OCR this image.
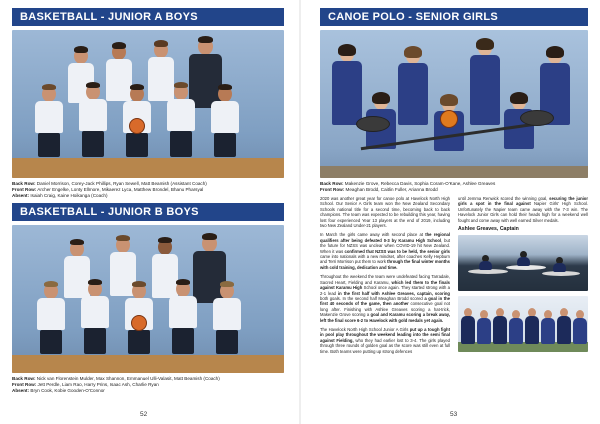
BASKETBALL - JUNIOR A BOYS
Back Row: Daniel Morrison, Corey-Jack Phillips, Ryan Sewell, Matt Beamish (Assistant Coach)
Front Row: Archer Engelke, Lonty Ellmore, Mikaerez Lyca, Matthew Brondel, Bhanu Pharsyal
Absent: Isaiah Craig, Kaine Hoikanga (Coach)
BASKETBALL - JUNIOR B BOYS
Back Row: Nick van Florenstein Mulder, Max Shannon, Emmanuel Ulli-Valasit, Matt Beamish (Coach)
Front Row: Jett Perdle, Liam Rao, Harry Prins, Isaac Ash, Charlie Ryan
Absent: Bryn Cook, Kobie Gooden-O'Connor
52
CANOE POLO - SENIOR GIRLS
Back Row: Makenzie Grove, Rebecca Davis, Sophia Coram-O'Kane, Ashlee Greaves
Front Row: Meaghan Brodd, Caitlin Fuller, Arianna Brodd

2020 was another great year for canoe polo at Havelock North High School. Our Senior A Girls team won the New Zealand Secondary Schools national title for a second time, becoming back to back champions. The team was expected to be rebuilding this year, having lost four experienced Year 13 players at the end of 2019, including two New Zealand Under-21 players.

In March the girls came away with second place at the regional qualifiers after being defeated 0-3 by Karamu High School, but the future for NZSS was unclear when COVID-19 hit New Zealand. When it was confirmed that NZSS was to be held, the senior girls came into nationals with a new mindset, after coaches Kelly Hepburn and Terri Morrison put them to work through the final winter months with cold training, dedication and time.

Throughout the weekend the team were undefeated facing Tarradale, Sacred Heart, Fielding and Karamu, which led them to the finals against Karamu High School once again. They started strong with a 2-1 lead in the first half with Ashlee Greaves, captain, scoring both goals. In the second half Meaghan Brodd scored a goal in the first 40 seconds of the game, then another consecutive goal not long after. Finishing with Ashlee Greaves scoring a hat-trick, Makenzie Grove scoring a goal and Karamu scoring a break away, left the final score 6-2 to Havelock with gold medals yet again.

The Havelock North High School Junior A Girls put up a tough fight in pool play throughout the weekend leading into the semi final against Fielding, who they had earlier lost to 3-4. The girls played through three rounds of golden goal as the score was still even at full time. Both teams were putting up strong defences

until Jemma Renwick scored the winning goal, securing the junior girls a spot in the final against Napier Girls' High School. Unfortunately the Napier team came away with the 7-3 win. The Havelock Junior Girls can hold their heads high for a weekend well fought and come away with well earned Silver medals.

Ashlee Greaves, Captain
53
